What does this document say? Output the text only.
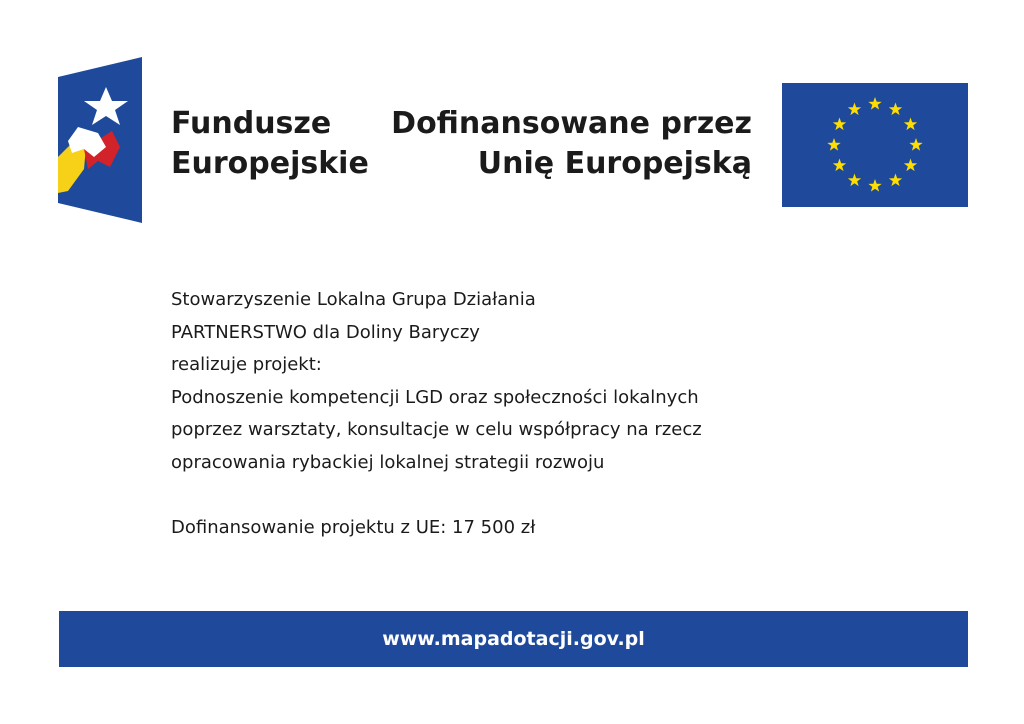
Fundusze
Europejskie
Dofinansowane przez
Unię Europejską
Stowarzyszenie Lokalna Grupa Działania
PARTNERSTWO dla Doliny Baryczy
realizuje projekt:
Podnoszenie kompetencji LGD oraz społeczności lokalnych
poprzez warsztaty, konsultacje w celu współpracy na rzecz
opracowania rybackiej lokalnej strategii rozwoju
Dofinansowanie projektu z UE: 17 500 zł
www.mapadotacji.gov.pl
